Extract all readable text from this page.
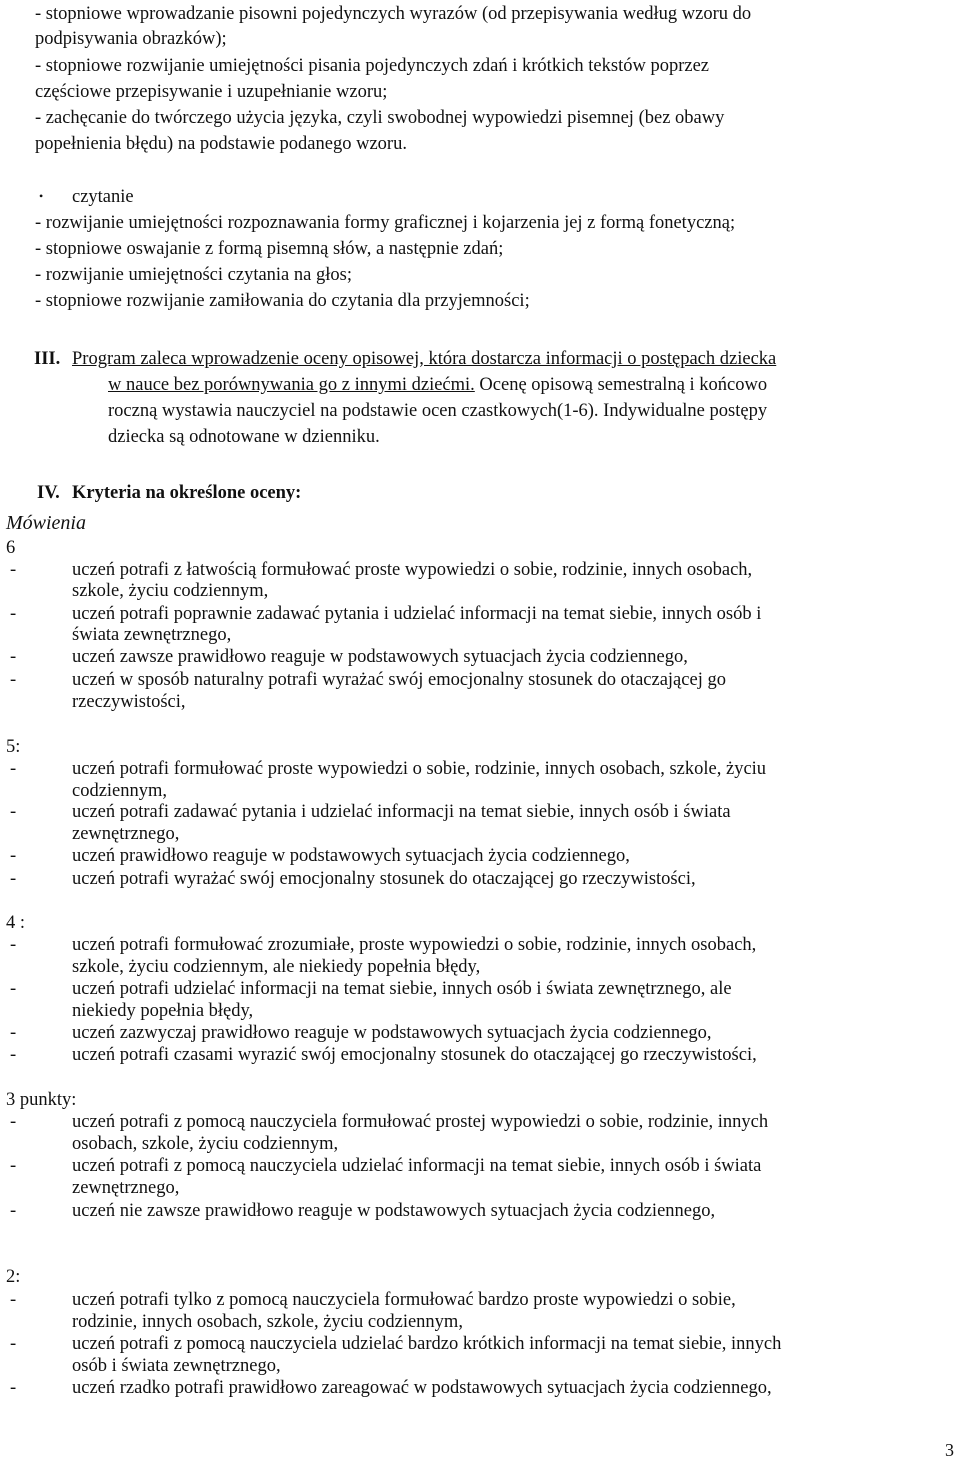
- stopniowe wprowadzanie pisowni pojedynczych wyrazów (od przepisywania według wzoru do
podpisywania obrazków);
- stopniowe rozwijanie umiejętności pisania pojedynczych zdań i krótkich tekstów poprzez
częściowe przepisywanie i uzupełnianie wzoru;
- zachęcanie do twórczego użycia języka, czyli swobodnej wypowiedzi pisemnej (bez obawy
popełnienia błędu) na podstawie podanego wzoru.
• czytanie
- rozwijanie umiejętności rozpoznawania formy graficznej i kojarzenia jej z formą fonetyczną;
- stopniowe oswajanie z formą pisemną słów, a następnie zdań;
- rozwijanie umiejętności czytania na głos;
- stopniowe rozwijanie zamiłowania do czytania dla przyjemności;
III. Program zaleca wprowadzenie oceny opisowej, która dostarcza informacji o postępach dziecka
w nauce bez porównywania go z innymi dziećmi. Ocenę opisową semestralną i końcowo
roczną wystawia nauczyciel na podstawie ocen czastkowych(1-6). Indywidualne postępy
dziecka są odnotowane w dzienniku.
IV. Kryteria na określone oceny:
Mówienia
6
-	uczeń potrafi z łatwością formułować proste wypowiedzi o sobie, rodzinie, innych osobach,
szkole, życiu codziennym,
-	uczeń potrafi poprawnie zadawać pytania i udzielać informacji na temat siebie, innych osób i
świata zewnętrznego,
-	uczeń zawsze prawidłowo reaguje w podstawowych sytuacjach życia codziennego,
-	uczeń w sposób naturalny potrafi wyrażać swój emocjonalny stosunek do otaczającej go
rzeczywistości,
5:
-	uczeń potrafi formułować proste wypowiedzi o sobie, rodzinie, innych osobach, szkole, życiu
codziennym,
-	uczeń potrafi zadawać pytania i udzielać informacji na temat siebie, innych osób i świata
zewnętrznego,
-	uczeń prawidłowo reaguje w podstawowych sytuacjach życia codziennego,
-	uczeń potrafi wyrażać swój emocjonalny stosunek do otaczającej go rzeczywistości,
4 :
-	uczeń potrafi formułować zrozumiałe, proste wypowiedzi o sobie, rodzinie, innych osobach,
szkole, życiu codziennym, ale niekiedy popełnia błędy,
-	uczeń potrafi udzielać informacji na temat siebie, innych osób i świata zewnętrznego, ale
niekiedy popełnia błędy,
-	uczeń zazwyczaj prawidłowo reaguje w podstawowych sytuacjach życia codziennego,
-	uczeń potrafi czasami wyrazić swój emocjonalny stosunek do otaczającej go rzeczywistości,
3 punkty:
-	uczeń potrafi z pomocą nauczyciela formułować prostej wypowiedzi o sobie, rodzinie, innych
osobach, szkole, życiu codziennym,
-	uczeń potrafi z pomocą nauczyciela udzielać informacji na temat siebie, innych osób i świata
zewnętrznego,
-	uczeń nie zawsze prawidłowo reaguje w podstawowych sytuacjach życia codziennego,
2:
-	uczeń potrafi tylko z pomocą nauczyciela formułować bardzo proste wypowiedzi o sobie,
rodzinie, innych osobach, szkole, życiu codziennym,
-	uczeń potrafi z pomocą nauczyciela udzielać bardzo krótkich informacji na temat siebie, innych
osób i świata zewnętrznego,
-	uczeń rzadko potrafi prawidłowo zareagować w podstawowych sytuacjach życia codziennego,
3
